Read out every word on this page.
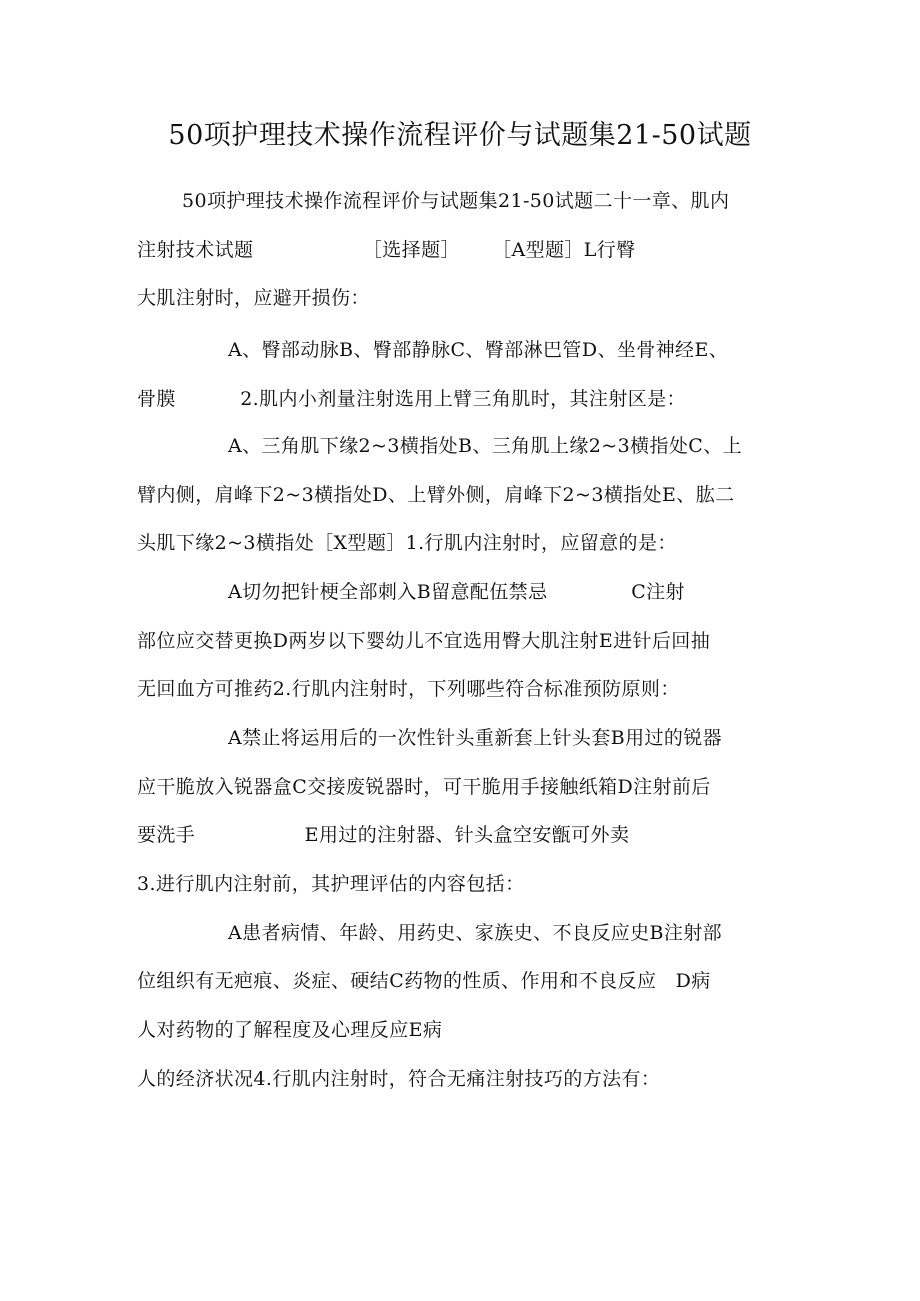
50项护理技术操作流程评价与试题集21-50试题
50项护理技术操作流程评价与试题集21-50试题二十一章、肌内
注射技术试题                 ［选择题］     ［A型题］L行臀
大肌注射时，应避开损伤：
A、臀部动脉B、臀部静脉C、臀部淋巴管D、坐骨神经E、
骨膜          2.肌内小剂量注射选用上臂三角肌时，其注射区是：
A、三角肌下缘2~3横指处B、三角肌上缘2~3横指处C、上
臂内侧，肩峰下2~3横指处D、上臂外侧，肩峰下2~3横指处E、肱二
头肌下缘2~3横指处［X型题］1.行肌内注射时，应留意的是：
A切勿把针梗全部刺入B留意配伍禁忌             C注射
部位应交替更换D两岁以下婴幼儿不宜选用臀大肌注射E进针后回抽
无回血方可推药2.行肌内注射时，下列哪些符合标准预防原则：
A禁止将运用后的一次性针头重新套上针头套B用过的锐器
应干脆放入锐器盒C交接废锐器时，可干脆用手接触纸箱D注射前后
要洗手                 E用过的注射器、针头盒空安甑可外卖
3.进行肌内注射前，其护理评估的内容包括：
A患者病情、年龄、用药史、家族史、不良反应史B注射部
位组织有无疤痕、炎症、硬结C药物的性质、作用和不良反应   D病
人对药物的了解程度及心理反应E病
人的经济状况4.行肌内注射时，符合无痛注射技巧的方法有：
